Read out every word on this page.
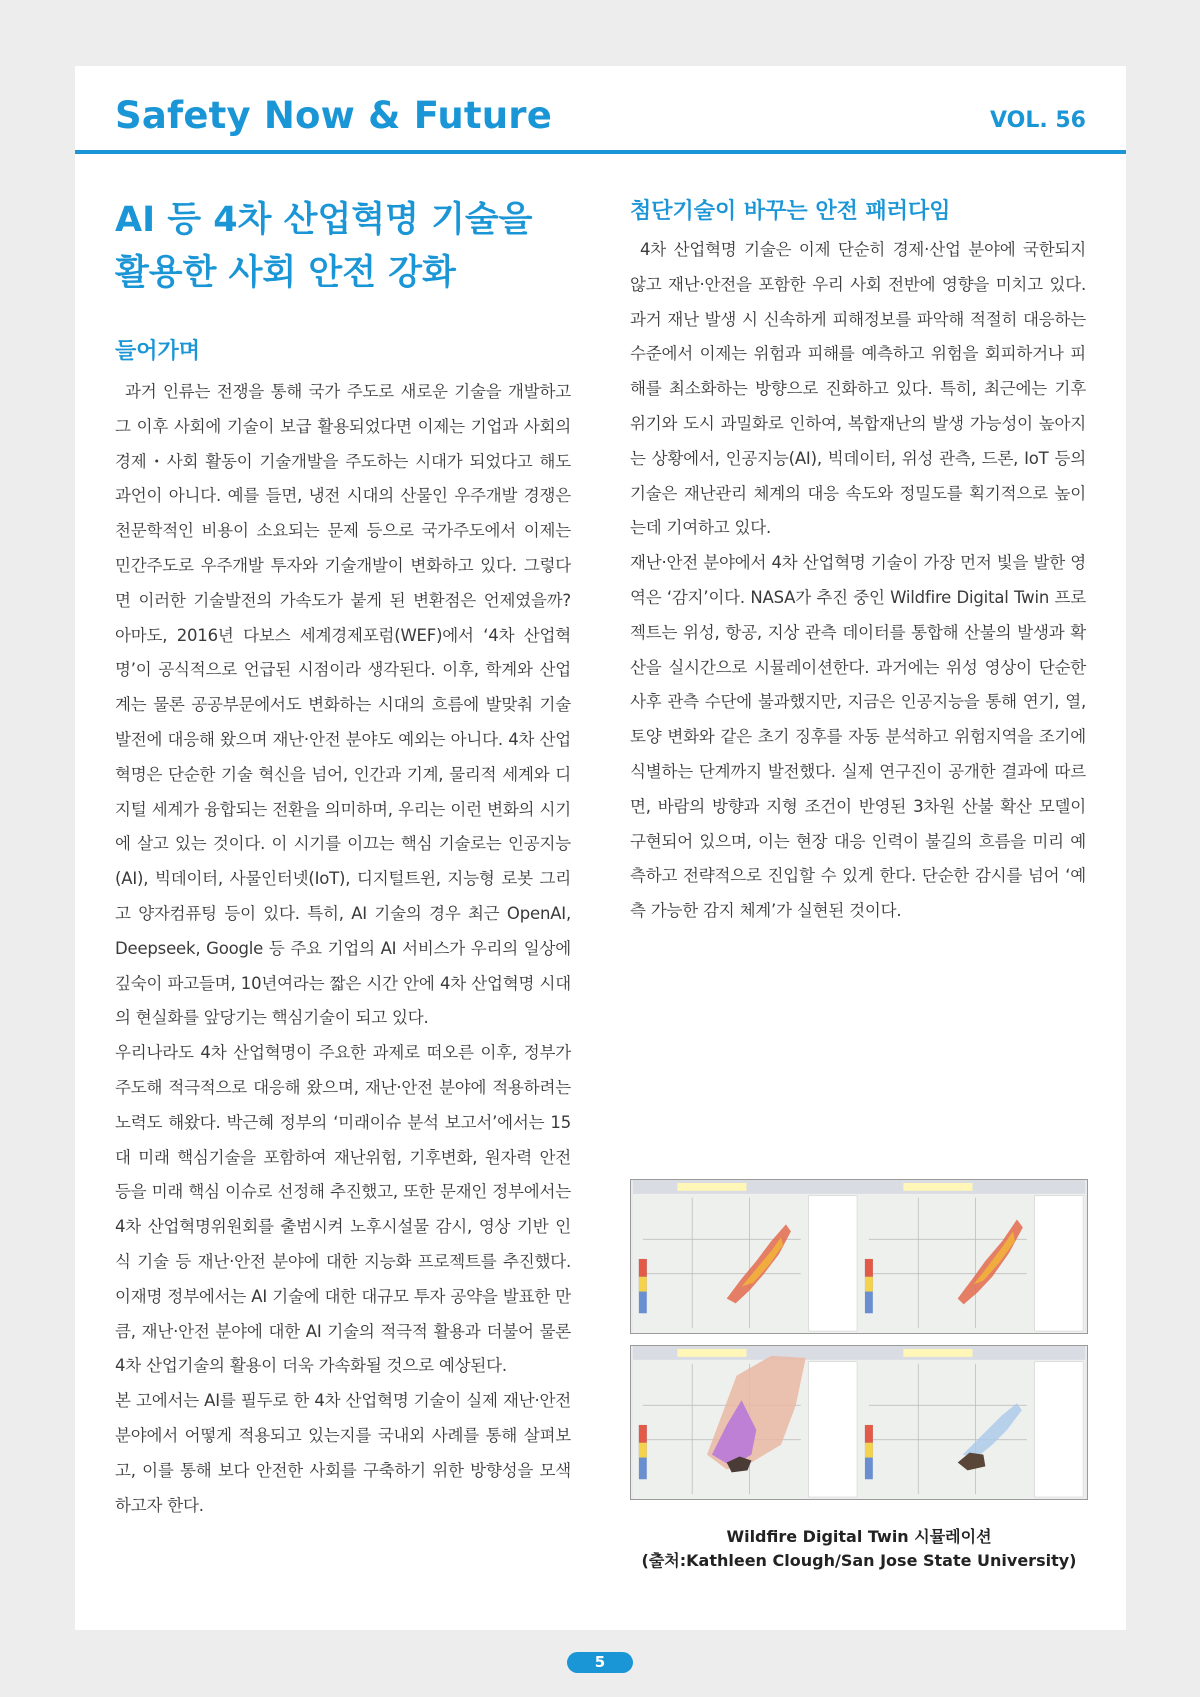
Safety Now & Future	VOL. 56
AI 등 4차 산업혁명 기술을
활용한 사회 안전 강화
들어가며

과거 인류는 전쟁을 통해 국가 주도로 새로운 기술을 개발하고 그 이후 사회에 기술이 보급 활용되었다면 이제는 기업과 사회의 경제・사회 활동이 기술개발을 주도하는 시대가 되었다고 해도 과언이 아니다. 예를 들면, 냉전 시대의 산물인 우주개발 경쟁은 천문학적인 비용이 소요되는 문제 등으로 국가주도에서 이제는 민간주도로 우주개발 투자와 기술개발이 변화하고 있다. 그렇다면 이러한 기술발전의 가속도가 붙게 된 변환점은 언제였을까? 아마도, 2016년 다보스 세계경제포럼(WEF)에서 ‘4차 산업혁명’이 공식적으로 언급된 시점이라 생각된다. 이후, 학계와 산업계는 물론 공공부문에서도 변화하는 시대의 흐름에 발맞춰 기술발전에 대응해 왔으며 재난·안전 분야도 예외는 아니다. 4차 산업혁명은 단순한 기술 혁신을 넘어, 인간과 기계, 물리적 세계와 디지털 세계가 융합되는 전환을 의미하며, 우리는 이런 변화의 시기에 살고 있는 것이다. 이 시기를 이끄는 핵심 기술로는 인공지능(AI), 빅데이터, 사물인터넷(IoT), 디지털트윈, 지능형 로봇 그리고 양자컴퓨팅 등이 있다. 특히, AI 기술의 경우 최근 OpenAI, Deepseek, Google 등 주요 기업의 AI 서비스가 우리의 일상에 깊숙이 파고들며, 10년여라는 짧은 시간 안에 4차 산업혁명 시대의 현실화를 앞당기는 핵심기술이 되고 있다.

우리나라도 4차 산업혁명이 주요한 과제로 떠오른 이후, 정부가 주도해 적극적으로 대응해 왔으며, 재난·안전 분야에 적용하려는 노력도 해왔다. 박근혜 정부의 ‘미래이슈 분석 보고서’에서는 15대 미래 핵심기술을 포함하여 재난위험, 기후변화, 원자력 안전 등을 미래 핵심 이슈로 선정해 추진했고, 또한 문재인 정부에서는 4차 산업혁명위원회를 출범시켜 노후시설물 감시, 영상 기반 인식 기술 등 재난·안전 분야에 대한 지능화 프로젝트를 추진했다. 이재명 정부에서는 AI 기술에 대한 대규모 투자 공약을 발표한 만큼, 재난·안전 분야에 대한 AI 기술의 적극적 활용과 더불어 물론 4차 산업기술의 활용이 더욱 가속화될 것으로 예상된다.

본 고에서는 AI를 필두로 한 4차 산업혁명 기술이 실제 재난·안전 분야에서 어떻게 적용되고 있는지를 국내외 사례를 통해 살펴보고, 이를 통해 보다 안전한 사회를 구축하기 위한 방향성을 모색하고자 한다.

첨단기술이 바꾸는 안전 패러다임

4차 산업혁명 기술은 이제 단순히 경제·산업 분야에 국한되지 않고 재난·안전을 포함한 우리 사회 전반에 영향을 미치고 있다. 과거 재난 발생 시 신속하게 피해정보를 파악해 적절히 대응하는 수준에서 이제는 위험과 피해를 예측하고 위험을 회피하거나 피해를 최소화하는 방향으로 진화하고 있다. 특히, 최근에는 기후 위기와 도시 과밀화로 인하여, 복합재난의 발생 가능성이 높아지는 상황에서, 인공지능(AI), 빅데이터, 위성 관측, 드론, IoT 등의 기술은 재난관리 체계의 대응 속도와 정밀도를 획기적으로 높이는데 기여하고 있다.

재난·안전 분야에서 4차 산업혁명 기술이 가장 먼저 빛을 발한 영역은 ‘감지’이다. NASA가 추진 중인 Wildfire Digital Twin 프로젝트는 위성, 항공, 지상 관측 데이터를 통합해 산불의 발생과 확산을 실시간으로 시뮬레이션한다. 과거에는 위성 영상이 단순한 사후 관측 수단에 불과했지만, 지금은 인공지능을 통해 연기, 열, 토양 변화와 같은 초기 징후를 자동 분석하고 위험지역을 조기에 식별하는 단계까지 발전했다. 실제 연구진이 공개한 결과에 따르면, 바람의 방향과 지형 조건이 반영된 3차원 산불 확산 모델이 구현되어 있으며, 이는 현장 대응 인력이 불길의 흐름을 미리 예측하고 전략적으로 진입할 수 있게 한다. 단순한 감시를 넘어 ‘예측 가능한 감지 체계’가 실현된 것이다.

Wildfire Digital Twin 시뮬레이션
(출처:Kathleen Clough/San Jose State University)
5
